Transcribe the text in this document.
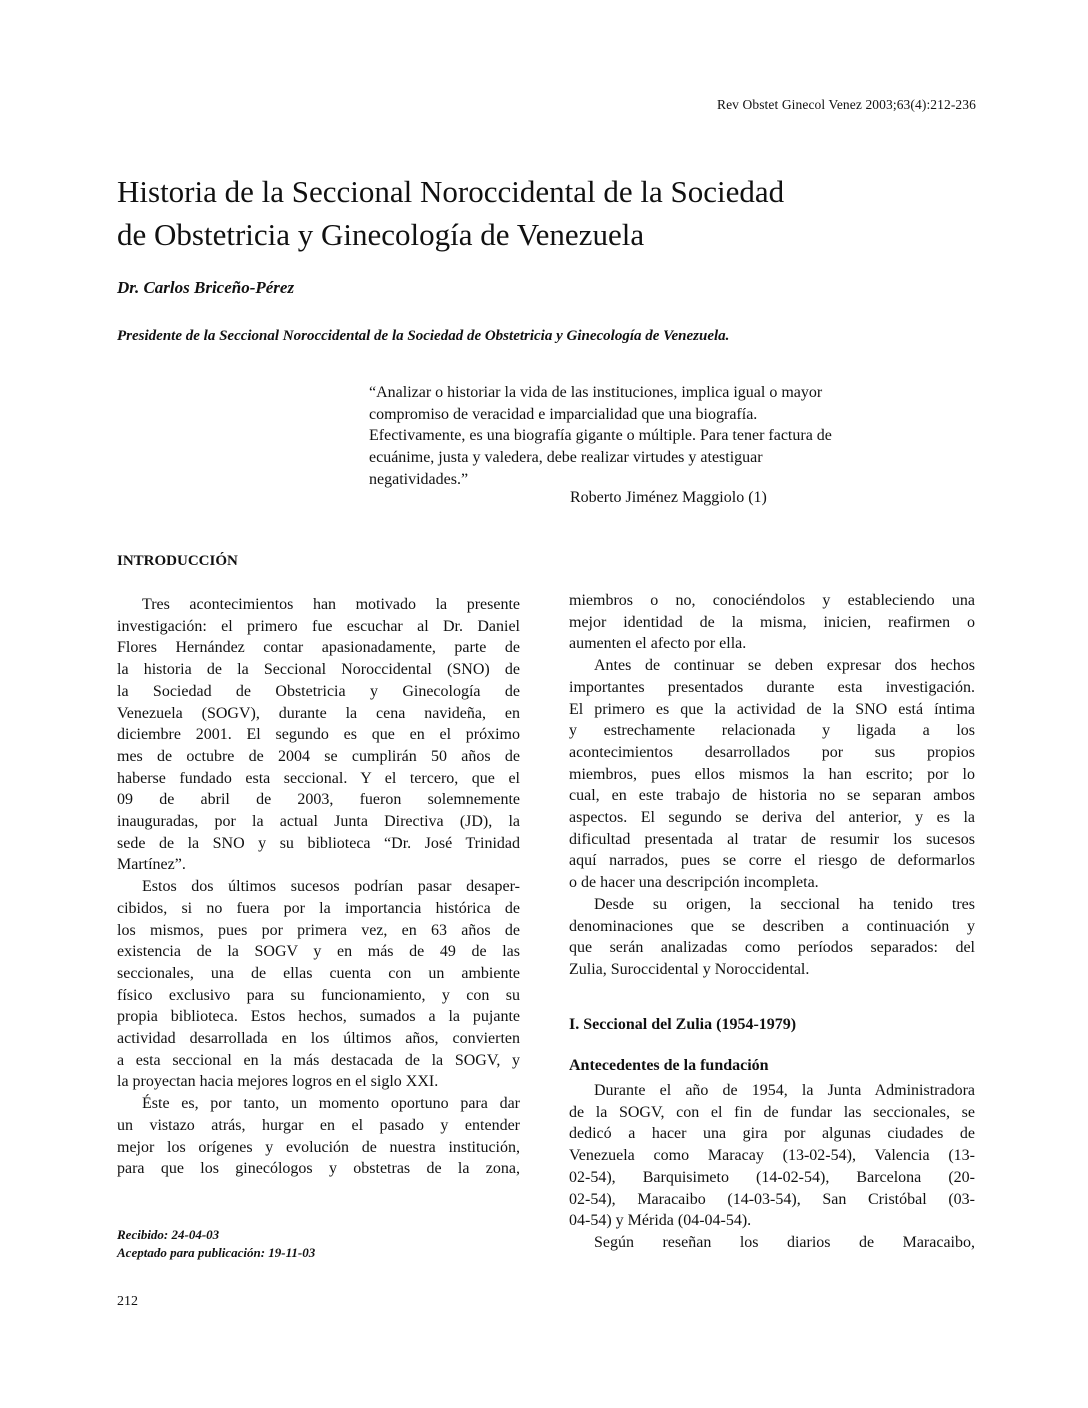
Rev Obstet Ginecol Venez 2003;63(4):212-236
Historia de la Seccional Noroccidental de la Sociedad
de Obstetricia y Ginecología de Venezuela
Dr. Carlos Briceño-Pérez
Presidente de la Seccional Noroccidental de la Sociedad de Obstetricia y Ginecología de Venezuela.
“Analizar o historiar la vida de las instituciones, implica igual o mayor
compromiso de veracidad e imparcialidad que una biografía.
Efectivamente, es una biografía gigante o múltiple. Para tener factura de
ecuánime, justa y valedera, debe realizar virtudes y atestiguar
negatividades.”
Roberto Jiménez Maggiolo (1)
INTRODUCCIÓN
Tres acontecimientos han motivado la presente
investigación: el primero fue escuchar al Dr. Daniel
Flores Hernández contar apasionadamente, parte de
la historia de la Seccional Noroccidental (SNO) de
la Sociedad de Obstetricia y Ginecología de
Venezuela (SOGV), durante la cena navideña, en
diciembre 2001. El segundo es que en el próximo
mes de octubre de 2004 se cumplirán 50 años de
haberse fundado esta seccional. Y el tercero, que el
09 de abril de 2003, fueron solemnemente
inauguradas, por la actual Junta Directiva (JD), la
sede de la SNO y su biblioteca “Dr. José Trinidad
Martínez”.
Estos dos últimos sucesos podrían pasar desaper-
cibidos, si no fuera por la importancia histórica de
los mismos, pues por primera vez, en 63 años de
existencia de la SOGV y en más de 49 de las
seccionales, una de ellas cuenta con un ambiente
físico exclusivo para su funcionamiento, y con su
propia biblioteca. Estos hechos, sumados a la pujante
actividad desarrollada en los últimos años, convierten
a esta seccional en la más destacada de la SOGV, y
la proyectan hacia mejores logros en el siglo XXI.
Éste es, por tanto, un momento oportuno para dar
un vistazo atrás, hurgar en el pasado y entender
mejor los orígenes y evolución de nuestra institución,
para que los ginecólogos y obstetras de la zona,
miembros o no, conociéndolos y estableciendo una
mejor identidad de la misma, inicien, reafirmen o
aumenten el afecto por ella.
Antes de continuar se deben expresar dos hechos
importantes presentados durante esta investigación.
El primero es que la actividad de la SNO está íntima
y estrechamente relacionada y ligada a los
acontecimientos desarrollados por sus propios
miembros, pues ellos mismos la han escrito; por lo
cual, en este trabajo de historia no se separan ambos
aspectos. El segundo se deriva del anterior, y es la
dificultad presentada al tratar de resumir los sucesos
aquí narrados, pues se corre el riesgo de deformarlos
o de hacer una descripción incompleta.
Desde su origen, la seccional ha tenido tres
denominaciones que se describen a continuación y
que serán analizadas como períodos separados: del
Zulia, Suroccidental y Noroccidental.
I. Seccional del Zulia (1954-1979)
Antecedentes de la fundación
Durante el año de 1954, la Junta Administradora
de la SOGV, con el fin de fundar las seccionales, se
dedicó a hacer una gira por algunas ciudades de
Venezuela como Maracay (13-02-54), Valencia (13-
02-54), Barquisimeto (14-02-54), Barcelona (20-
02-54), Maracaibo (14-03-54), San Cristóbal (03-
04-54) y Mérida (04-04-54).
Según reseñan los diarios de Maracaibo,
Recibido: 24-04-03
Aceptado para publicación: 19-11-03
212
